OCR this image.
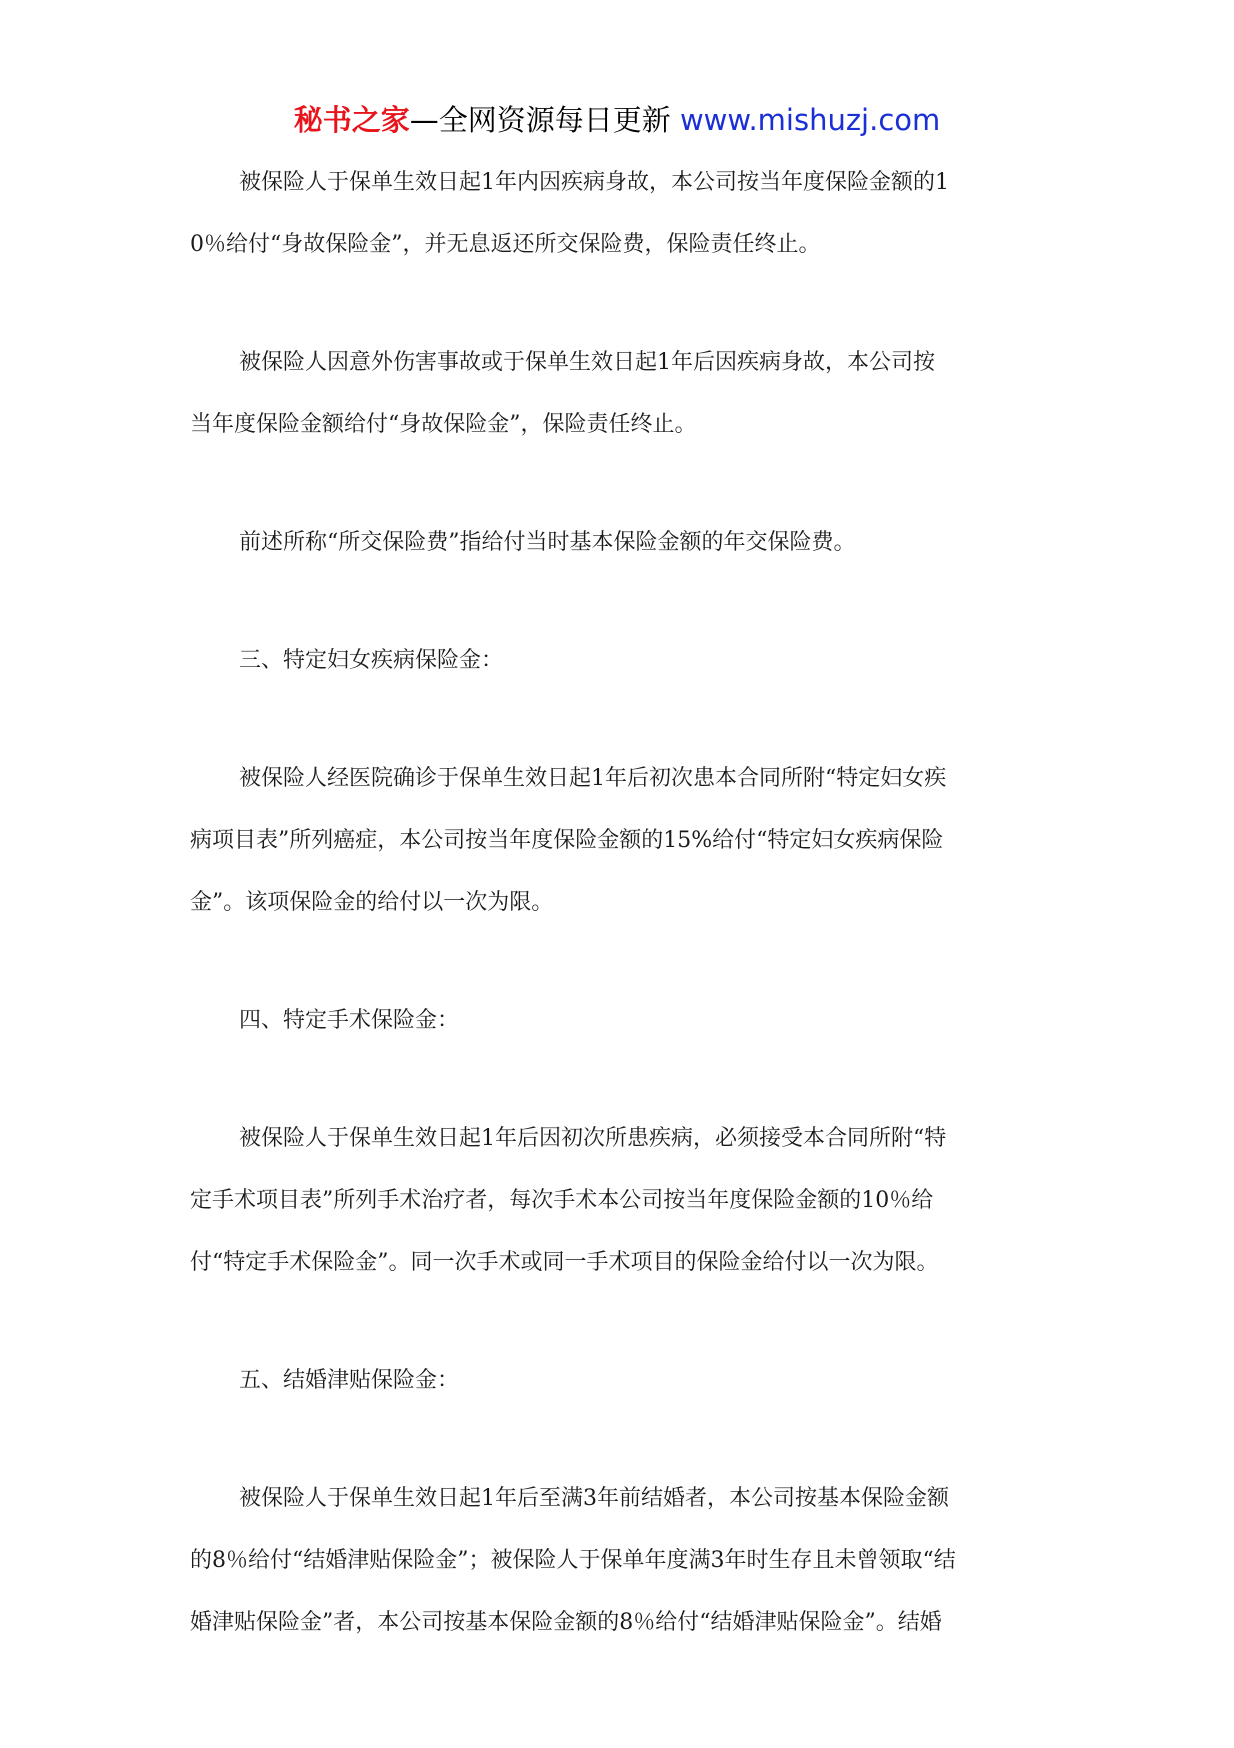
秘书之家—全网资源每日更新 www.mishuzj.com
被保险人于保单生效日起1年内因疾病身故，本公司按当年度保险金额的1
0％给付“身故保险金”，并无息返还所交保险费，保险责任终止。
被保险人因意外伤害事故或于保单生效日起1年后因疾病身故，本公司按
当年度保险金额给付“身故保险金”，保险责任终止。
前述所称“所交保险费”指给付当时基本保险金额的年交保险费。
三、特定妇女疾病保险金：
被保险人经医院确诊于保单生效日起1年后初次患本合同所附“特定妇女疾
病项目表”所列癌症，本公司按当年度保险金额的15%给付“特定妇女疾病保险
金”。该项保险金的给付以一次为限。
四、特定手术保险金：
被保险人于保单生效日起1年后因初次所患疾病，必须接受本合同所附“特
定手术项目表”所列手术治疗者，每次手术本公司按当年度保险金额的10％给
付“特定手术保险金”。同一次手术或同一手术项目的保险金给付以一次为限。
五、结婚津贴保险金：
被保险人于保单生效日起1年后至满3年前结婚者，本公司按基本保险金额
的8％给付“结婚津贴保险金”；被保险人于保单年度满3年时生存且未曾领取“结
婚津贴保险金”者，本公司按基本保险金额的8％给付“结婚津贴保险金”。结婚
